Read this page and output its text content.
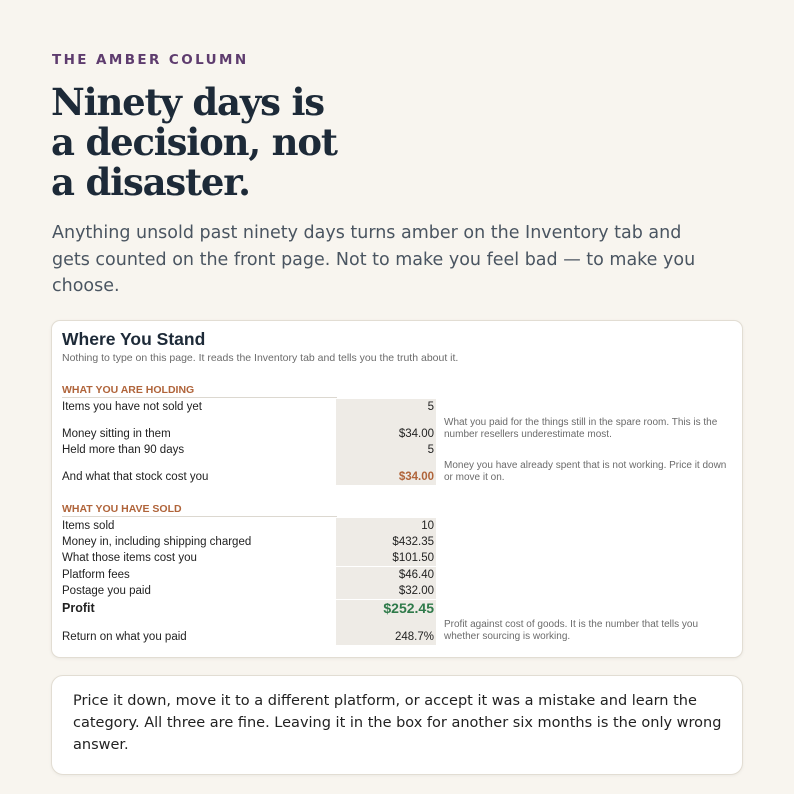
THE AMBER COLUMN
Ninety days is
a decision, not
a disaster.

Anything unsold past ninety days turns amber on the Inventory tab and gets counted on the front page. Not to make you feel bad — to make you choose.

Where You Stand
Nothing to type on this page. It reads the Inventory tab and tells you the truth about it.
WHAT YOU ARE HOLDING
Items you have not sold yet	5
Money sitting in them	$34.00
Held more than 90 days	5
And what that stock cost you	$34.00
What you paid for the things still in the spare room. This is the number resellers underestimate most.
Money you have already spent that is not working. Price it down or move it on.
WHAT YOU HAVE SOLD
Items sold	10
Money in, including shipping charged	$432.35
What those items cost you	$101.50
Platform fees	$46.40
Postage you paid	$32.00
Profit	$252.45
Return on what you paid	248.7%
Profit against cost of goods. It is the number that tells you whether sourcing is working.

Price it down, move it to a different platform, or accept it was a mistake and learn the category. All three are fine. Leaving it in the box for another six months is the only wrong answer.
